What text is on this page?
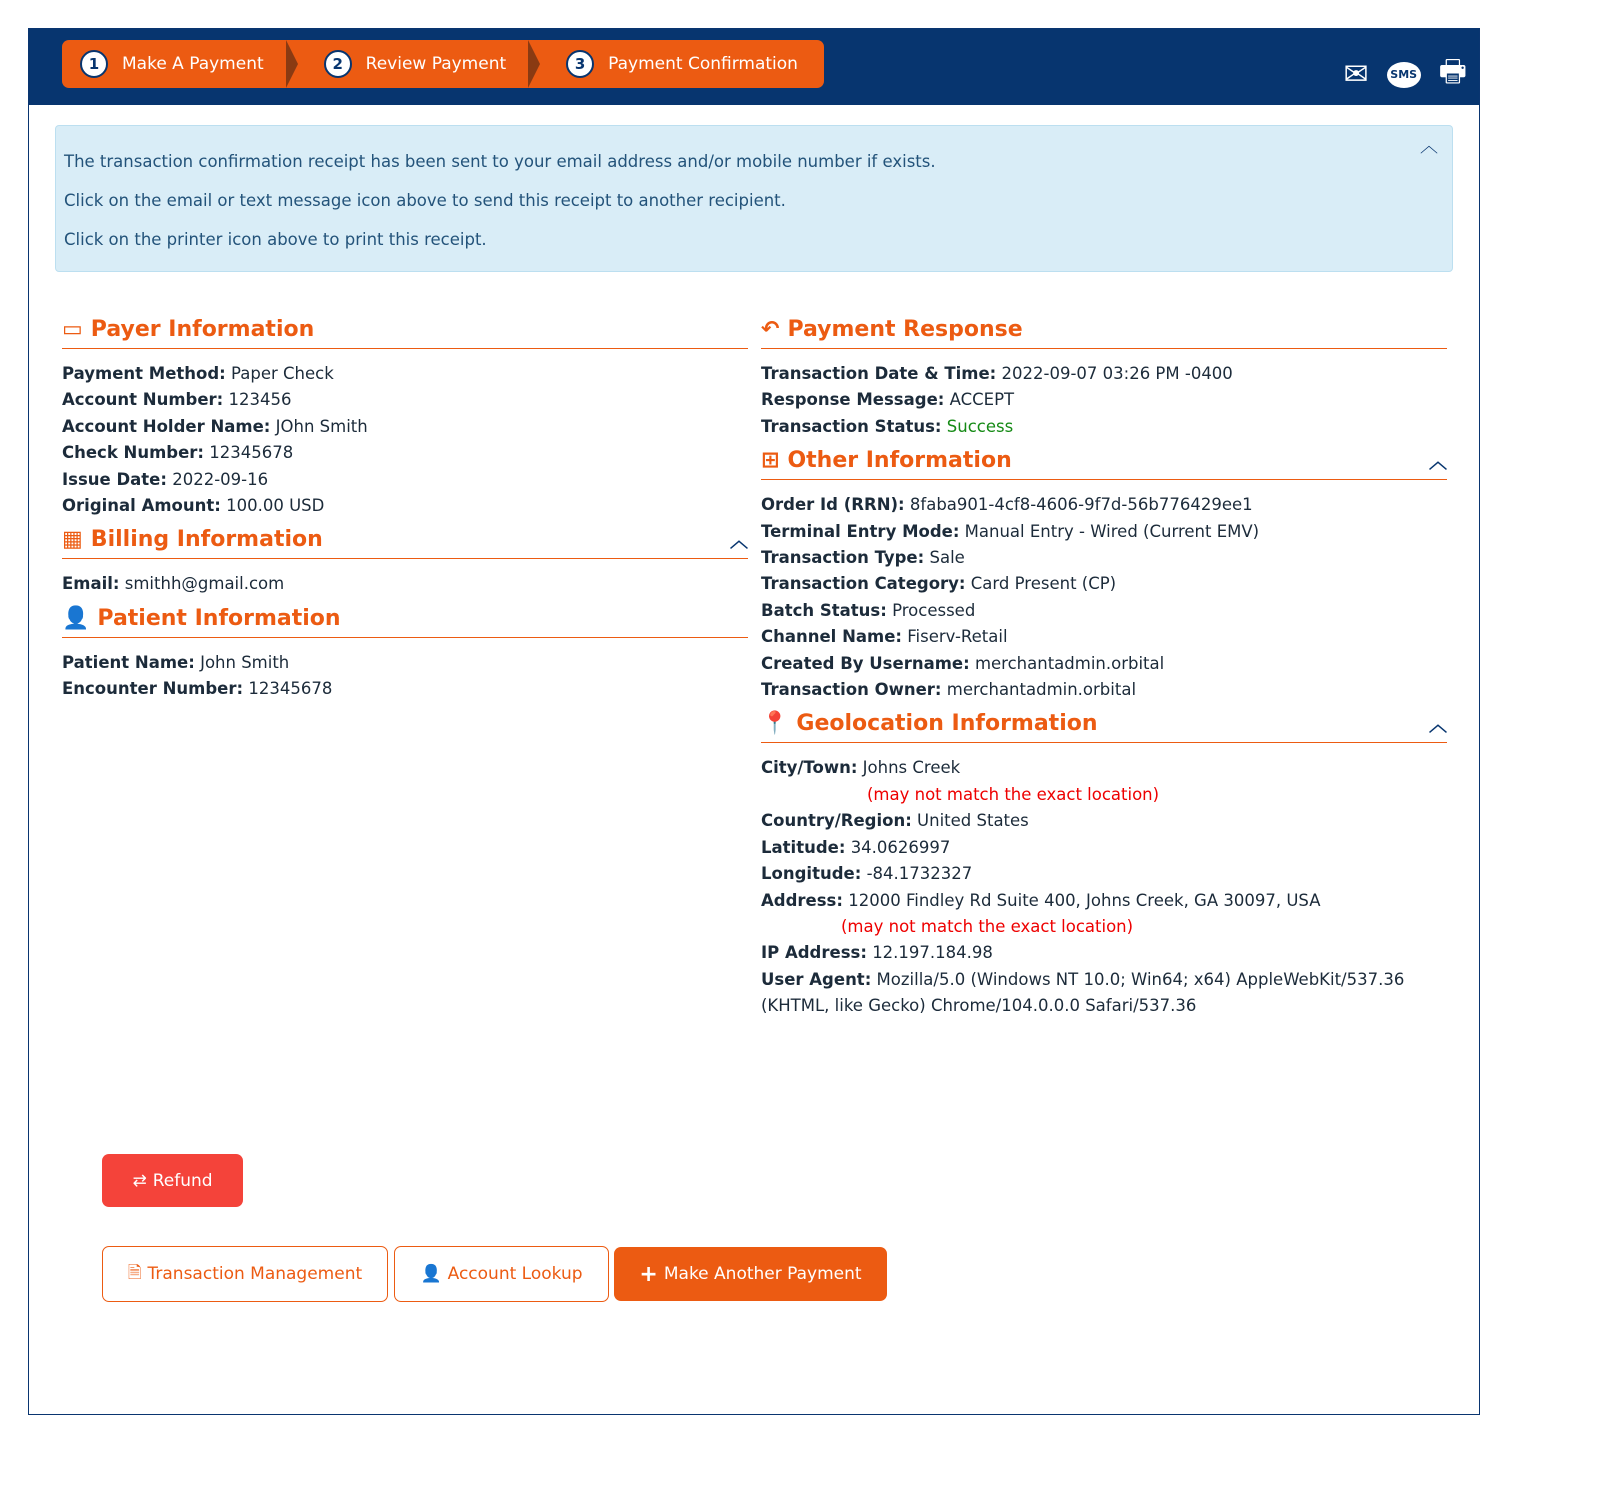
1	Make A Payment	2	Review Payment	3	Payment Confirmation	✉	SMS 🖶
︿

The transaction confirmation receipt has been sent to your email address and/or mobile number if exists.

Click on the email or text message icon above to send this receipt to another recipient.

Click on the printer icon above to print this receipt.

▭ Payer Information
Payment Method: Paper Check
Account Number: 123456
Account Holder Name: JOhn Smith
Check Number: 12345678
Issue Date: 2022-09-16
Original Amount: 100.00 USD
▦ Billing Information	︿
Email: smithh@gmail.com
👤 Patient Information
Patient Name: John Smith
Encounter Number: 12345678
↶ Payment Response
Transaction Date & Time: 2022-09-07 03:26 PM -0400
Response Message: ACCEPT
Transaction Status: Success
⊞ Other Information	︿
Order Id (RRN): 8faba901-4cf8-4606-9f7d-56b776429ee1
Terminal Entry Mode: Manual Entry - Wired (Current EMV)
Transaction Type: Sale
Transaction Category: Card Present (CP)
Batch Status: Processed
Channel Name: Fiserv-Retail
Created By Username: merchantadmin.orbital
Transaction Owner: merchantadmin.orbital
📍 Geolocation Information	︿
City/Town: Johns Creek
(may not match the exact location)
Country/Region: United States
Latitude: 34.0626997
Longitude: -84.1732327
Address: 12000 Findley Rd Suite 400, Johns Creek, GA 30097, USA
(may not match the exact location)
IP Address: 12.197.184.98
User Agent: Mozilla/5.0 (Windows NT 10.0; Win64; x64) AppleWebKit/537.36 (KHTML, like Gecko) Chrome/104.0.0.0 Safari/537.36
⇄ Refund
🗎 Transaction Management	👤 Account Lookup	+ Make Another Payment
